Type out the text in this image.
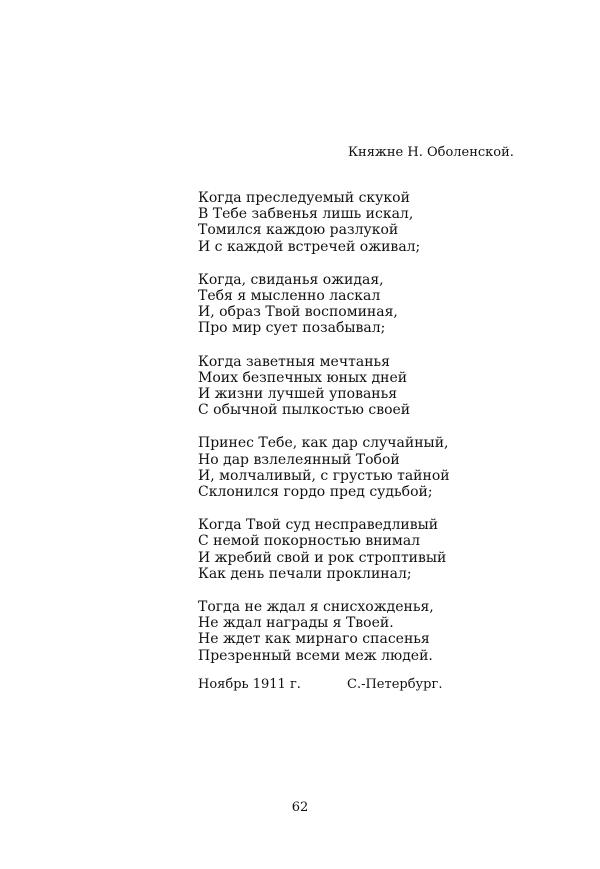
Княжне Н. Оболенской.
Когда преследуемый скукой
В Тебе забвенья лишь искал,
Томился каждою разлукой
И с каждой встречей оживал;
Когда, свиданья ожидая,
Тебя я мысленно ласкал
И, образ Твой воспоминая,
Про мир сует позабывал;
Когда заветныя мечтанья
Моих безпечных юных дней
И жизни лучшей упованья
С обычной пылкостью своей
Принес Тебе, как дар случайный,
Но дар взлелеянный Тобой
И, молчаливый, с грустью тайной
Склонился гордо пред судьбой;
Когда Твой суд несправедливый
С немой покорностью внимал
И жребий свой и рок строптивый
Как день печали проклинал;
Тогда не ждал я снисхожденья,
Не ждал награды я Твоей.
Не ждет как мирнаго спасенья
Презренный всеми меж людей.
Ноябрь 1911 г.	С.-Петербург.
62
